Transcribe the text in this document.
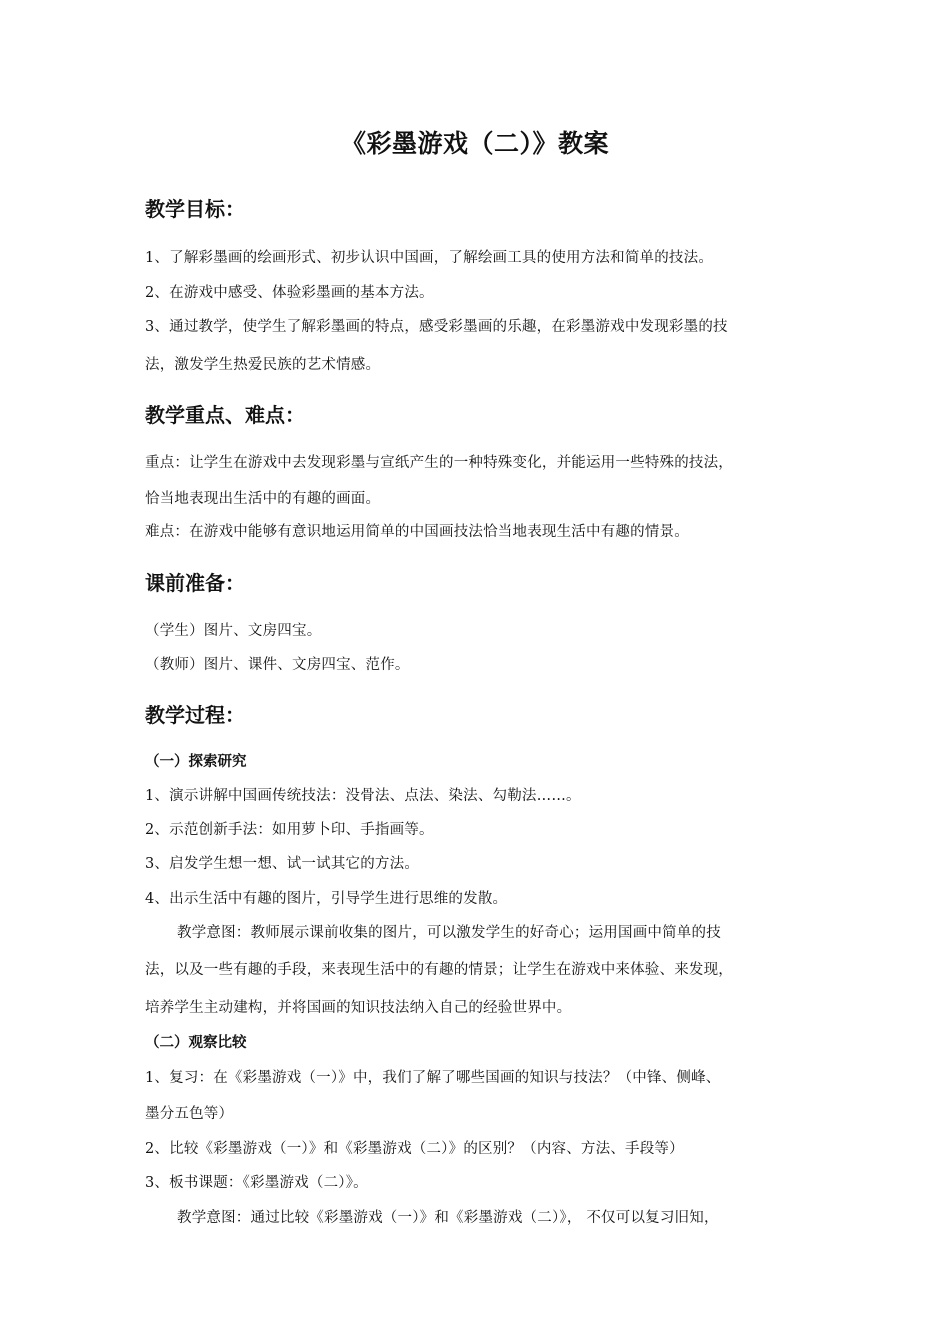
《彩墨游戏（二）》教案
教学目标：

1、了解彩墨画的绘画形式、初步认识中国画，了解绘画工具的使用方法和简单的技法。

2、在游戏中感受、体验彩墨画的基本方法。

3、通过教学，使学生了解彩墨画的特点，感受彩墨画的乐趣，在彩墨游戏中发现彩墨的技

法，激发学生热爱民族的艺术情感。

教学重点、难点：

重点：让学生在游戏中去发现彩墨与宣纸产生的一种特殊变化，并能运用一些特殊的技法，

恰当地表现出生活中的有趣的画面。

难点：在游戏中能够有意识地运用简单的中国画技法恰当地表现生活中有趣的情景。

课前准备：

（学生）图片、文房四宝。

（教师）图片、课件、文房四宝、范作。

教学过程：
（一）探索研究

1、演示讲解中国画传统技法：没骨法、点法、染法、勾勒法……。

2、示范创新手法：如用萝卜印、手指画等。

3、启发学生想一想、试一试其它的方法。

4、出示生活中有趣的图片，引导学生进行思维的发散。

教学意图：教师展示课前收集的图片，可以激发学生的好奇心；运用国画中简单的技

法，以及一些有趣的手段，来表现生活中的有趣的情景；让学生在游戏中来体验、来发现，

培养学生主动建构，并将国画的知识技法纳入自己的经验世界中。

（二）观察比较

1、复习：在《彩墨游戏（一）》中，我们了解了哪些国画的知识与技法？（中锋、侧峰、

墨分五色等）

2、比较《彩墨游戏（一）》和《彩墨游戏（二）》的区别？（内容、方法、手段等）

3、板书课题：《彩墨游戏（二）》。

教学意图：通过比较《彩墨游戏（一）》和《彩墨游戏（二）》， 不仅可以复习旧知，
